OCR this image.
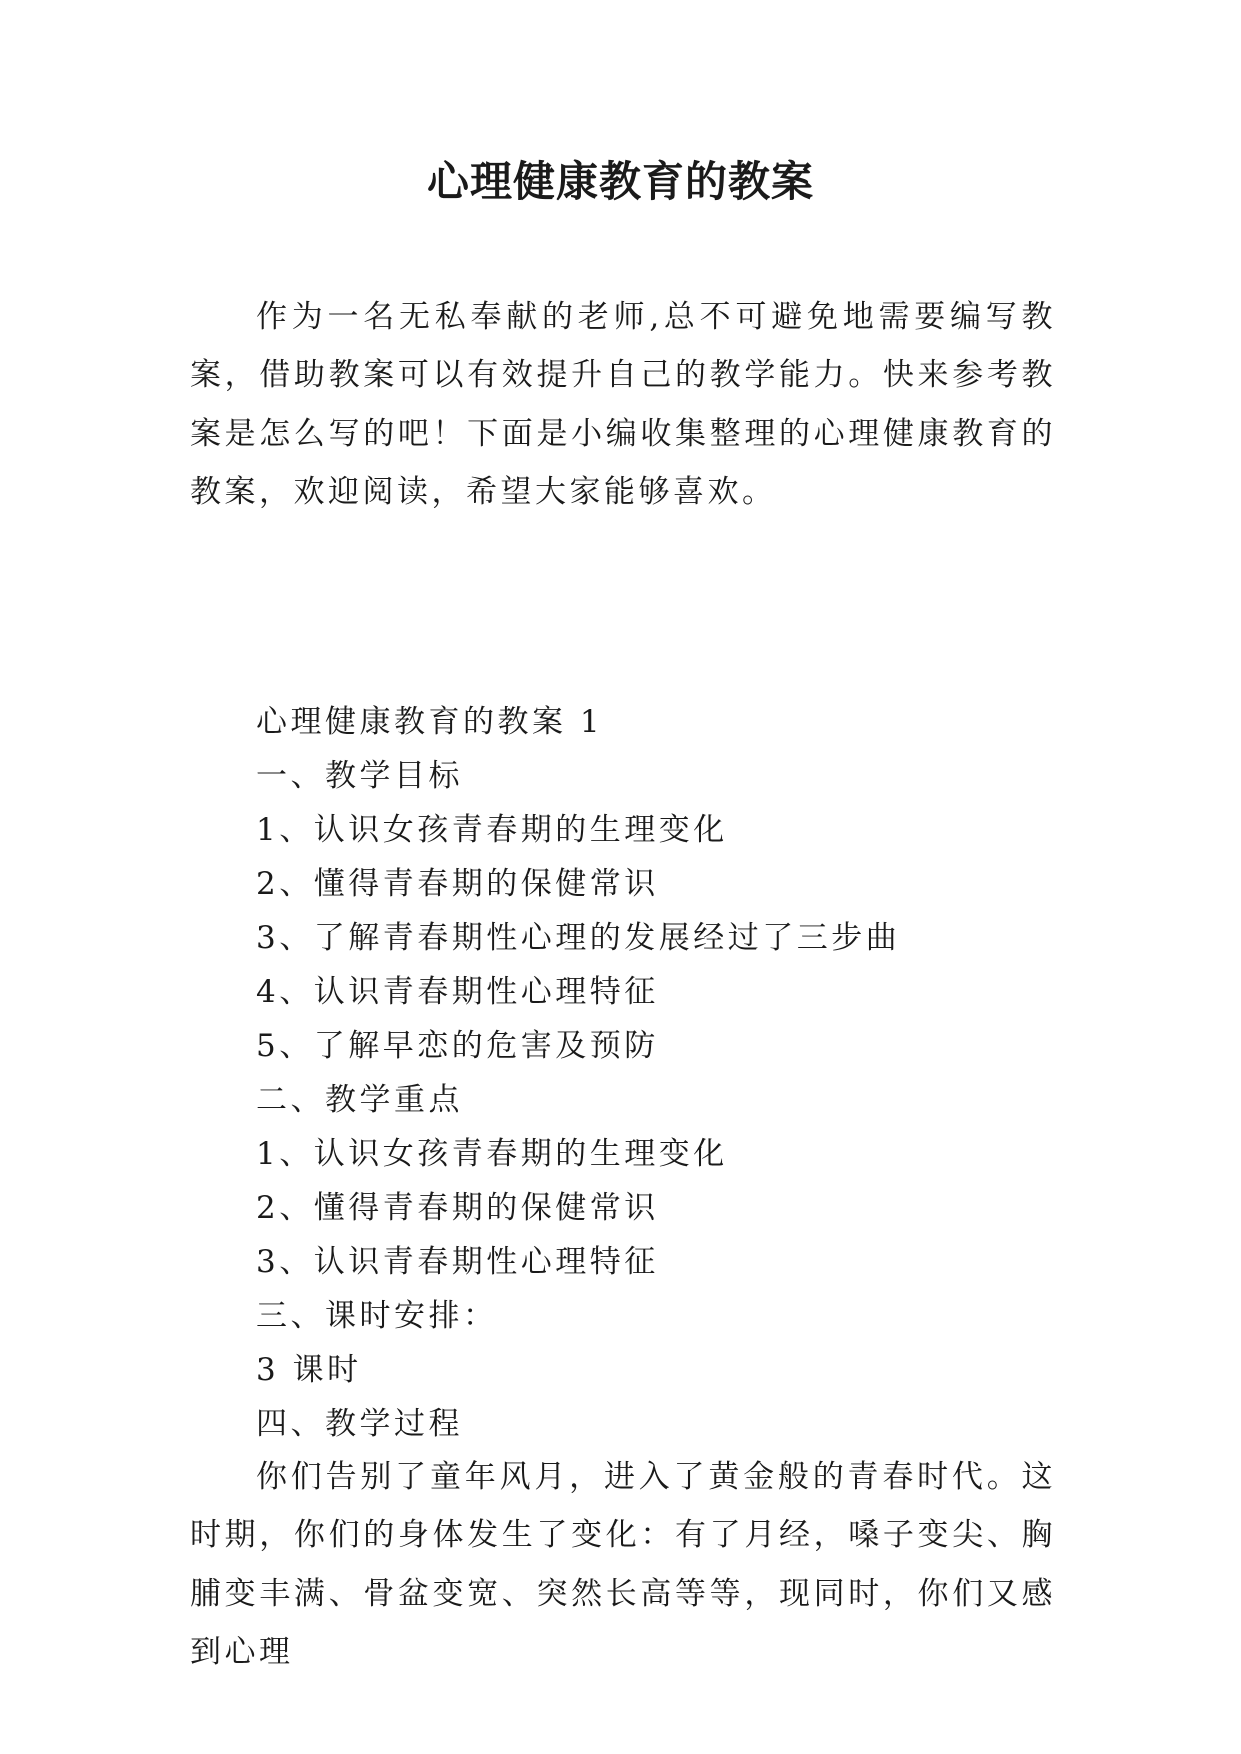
心理健康教育的教案

作为一名无私奉献的老师,总不可避免地需要编写教案，借助教案可以有效提升自己的教学能力。快来参考教案是怎么写的吧！下面是小编收集整理的心理健康教育的教案，欢迎阅读，希望大家能够喜欢。

心理健康教育的教案 1

一、教学目标

1、认识女孩青春期的生理变化

2、懂得青春期的保健常识

3、了解青春期性心理的发展经过了三步曲

4、认识青春期性心理特征

5、了解早恋的危害及预防

二、教学重点

1、认识女孩青春期的生理变化

2、懂得青春期的保健常识

3、认识青春期性心理特征

三、课时安排：

3 课时

四、教学过程

你们告别了童年风月，进入了黄金般的青春时代。这时期，你们的身体发生了变化：有了月经，嗓子变尖、胸脯变丰满、骨盆变宽、突然长高等等，现同时，你们又感到心理
